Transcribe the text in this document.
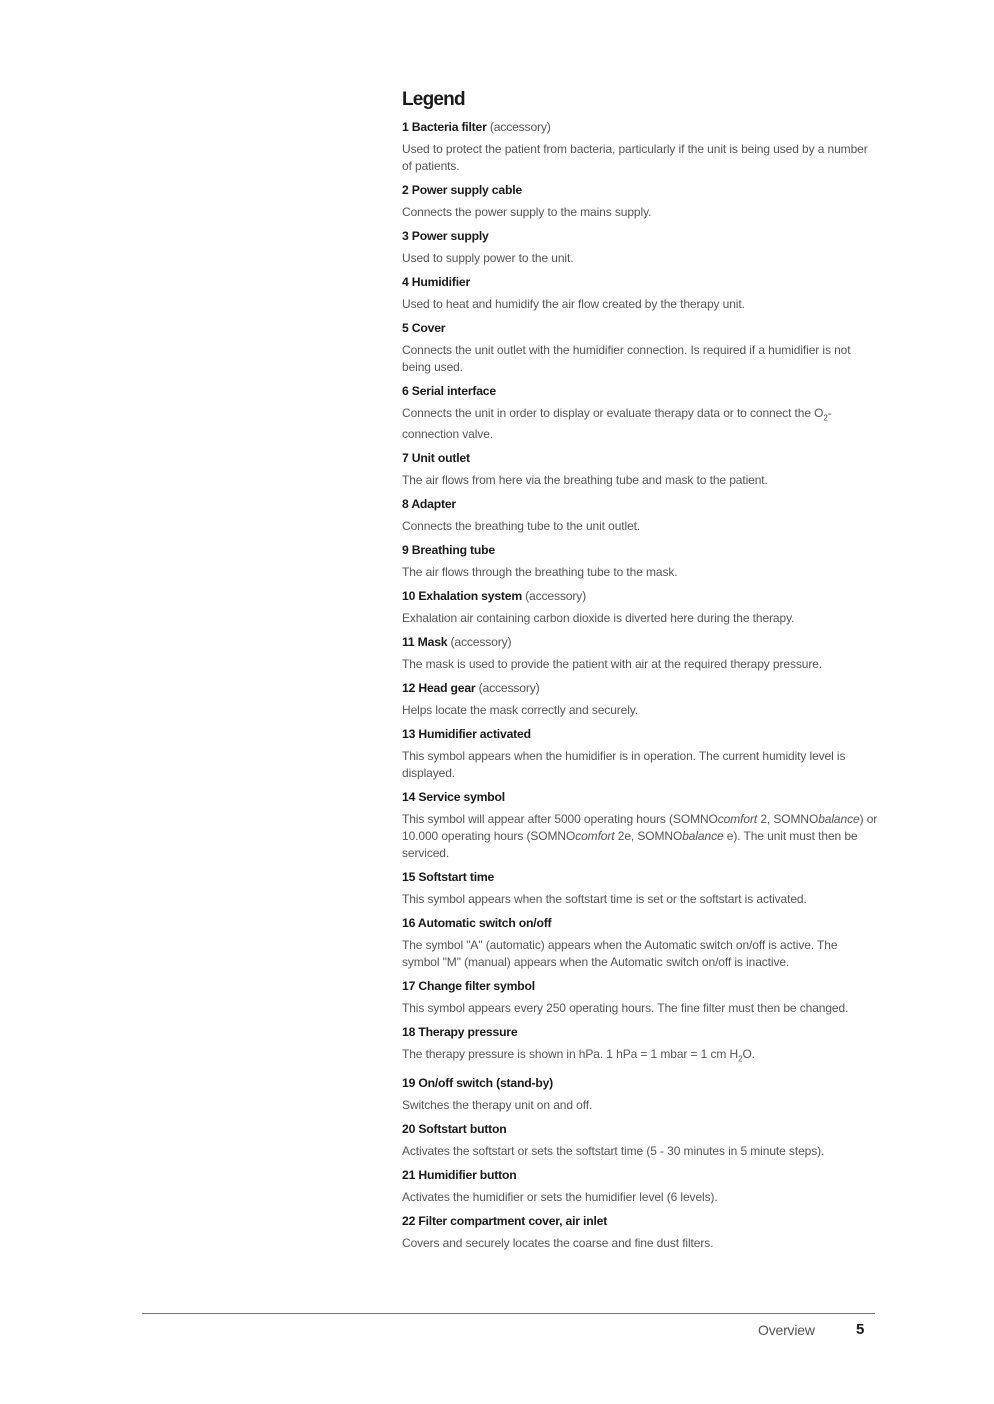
Legend
1 Bacteria filter (accessory)
Used to protect the patient from bacteria, particularly if the unit is being used by a number of patients.
2 Power supply cable
Connects the power supply to the mains supply.
3 Power supply
Used to supply power to the unit.
4 Humidifier
Used to heat and humidify the air flow created by the therapy unit.
5 Cover
Connects the unit outlet with the humidifier connection. Is required if a humidifier is not being used.
6 Serial interface
Connects the unit in order to display or evaluate therapy data or to connect the $O_2$-connection valve.
7 Unit outlet
The air flows from here via the breathing tube and mask to the patient.
8 Adapter
Connects the breathing tube to the unit outlet.
9 Breathing tube
The air flows through the breathing tube to the mask.
10 Exhalation system (accessory)
Exhalation air containing carbon dioxide is diverted here during the therapy.
11 Mask (accessory)
The mask is used to provide the patient with air at the required therapy pressure.
12 Head gear (accessory)
Helps locate the mask correctly and securely.
13 Humidifier activated
This symbol appears when the humidifier is in operation. The current humidity level is displayed.
14 Service symbol
This symbol will appear after 5000 operating hours (SOMNOcomfort 2, SOMNObalance) or 10.000 operating hours (SOMNOcomfort 2e, SOMNObalance e). The unit must then be serviced.
15 Softstart time
This symbol appears when the softstart time is set or the softstart is activated.
16 Automatic switch on/off
The symbol "A" (automatic) appears when the Automatic switch on/off is active. The symbol "M" (manual) appears when the Automatic switch on/off is inactive.
17 Change filter symbol
This symbol appears every 250 operating hours. The fine filter must then be changed.
18 Therapy pressure
The therapy pressure is shown in hPa. 1 hPa = 1 mbar = 1 cm $H_2O$.
19 On/off switch (stand-by)
Switches the therapy unit on and off.
20 Softstart button
Activates the softstart or sets the softstart time (5 - 30 minutes in 5 minute steps).
21 Humidifier button
Activates the humidifier or sets the humidifier level (6 levels).
22 Filter compartment cover, air inlet
Covers and securely locates the coarse and fine dust filters.
Overview	5
